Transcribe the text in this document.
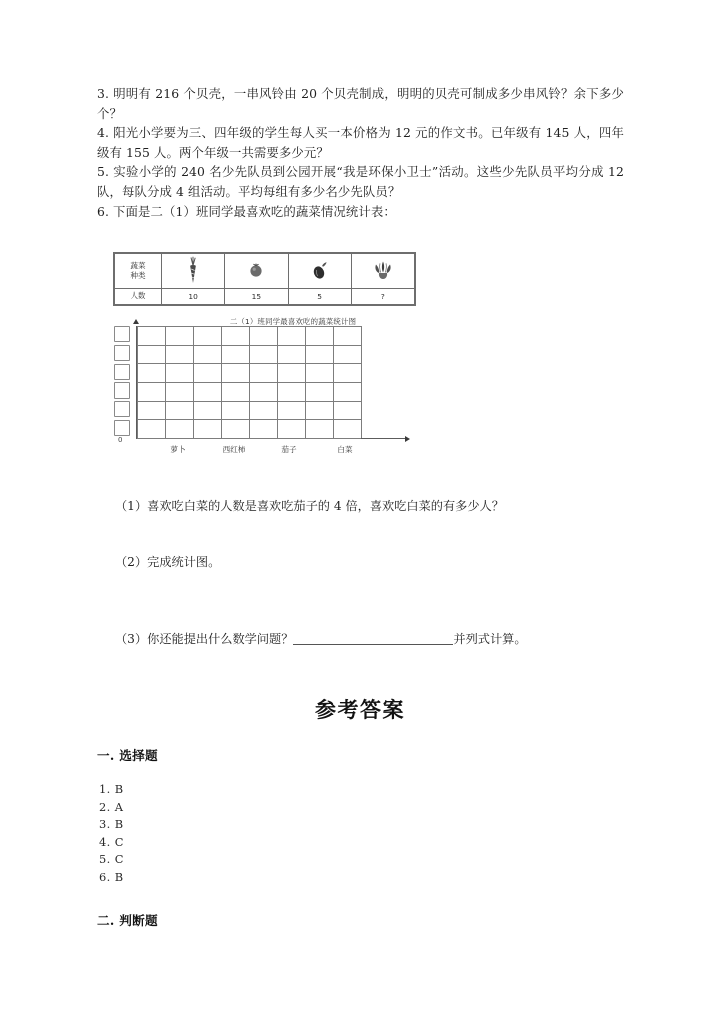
3. 明明有 216 个贝壳，一串风铃由 20 个贝壳制成，明明的贝壳可制成多少串风铃？余下多少个？
4. 阳光小学要为三、四年级的学生每人买一本价格为 12 元的作文书。已年级有 145 人，四年级有 155 人。两个年级一共需要多少元？
5. 实验小学的 240 名少先队员到公园开展“我是环保小卫士”活动。这些少先队员平均分成 12 队，每队分成 4 组活动。平均每组有多少名少先队员？
6. 下面是二（1）班同学最喜欢吃的蔬菜情况统计表：
蔬菜
种类

人数	10	15	5	?
二（1）班同学最喜欢吃的蔬菜统计图
0

萝卜	西红柿	茄子	白菜
（1）喜欢吃白菜的人数是喜欢吃茄子的 4 倍，喜欢吃白菜的有多少人？
（2）完成统计图。
（3）你还能提出什么数学问题？	并列式计算。
参考答案
一. 选择题
1. B
2. A
3. B
4. C
5. C
6. B
二. 判断题
